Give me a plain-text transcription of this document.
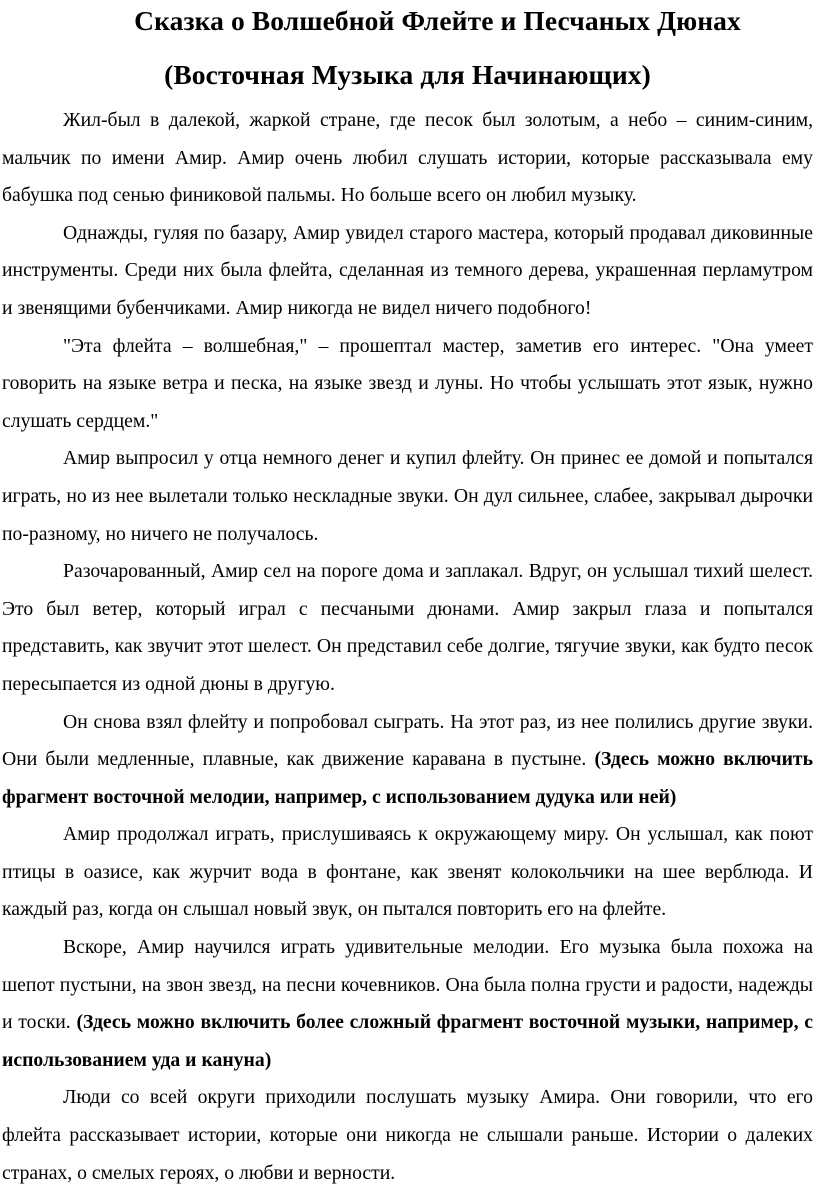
Сказка о Волшебной Флейте и Песчаных Дюнах
(Восточная Музыка для Начинающих)

Жил-был в далекой, жаркой стране, где песок был золотым, а небо – синим-синим, мальчик по имени Амир. Амир очень любил слушать истории, которые рассказывала ему бабушка под сенью финиковой пальмы. Но больше всего он любил музыку.

Однажды, гуляя по базару, Амир увидел старого мастера, который продавал диковинные инструменты. Среди них была флейта, сделанная из темного дерева, украшенная перламутром и звенящими бубенчиками. Амир никогда не видел ничего подобного!

"Эта флейта – волшебная," – прошептал мастер, заметив его интерес. "Она умеет говорить на языке ветра и песка, на языке звезд и луны. Но чтобы услышать этот язык, нужно слушать сердцем."

Амир выпросил у отца немного денег и купил флейту. Он принес ее домой и попытался играть, но из нее вылетали только нескладные звуки. Он дул сильнее, слабее, закрывал дырочки по-разному, но ничего не получалось.

Разочарованный, Амир сел на пороге дома и заплакал. Вдруг, он услышал тихий шелест. Это был ветер, который играл с песчаными дюнами. Амир закрыл глаза и попытался представить, как звучит этот шелест. Он представил себе долгие, тягучие звуки, как будто песок пересыпается из одной дюны в другую.

Он снова взял флейту и попробовал сыграть. На этот раз, из нее полились другие звуки. Они были медленные, плавные, как движение каравана в пустыне. (Здесь можно включить фрагмент восточной мелодии, например, с использованием дудука или ней)

Амир продолжал играть, прислушиваясь к окружающему миру. Он услышал, как поют птицы в оазисе, как журчит вода в фонтане, как звенят колокольчики на шее верблюда. И каждый раз, когда он слышал новый звук, он пытался повторить его на флейте.

Вскоре, Амир научился играть удивительные мелодии. Его музыка была похожа на шепот пустыни, на звон звезд, на песни кочевников. Она была полна грусти и радости, надежды и тоски. (Здесь можно включить более сложный фрагмент восточной музыки, например, с использованием уда и кануна)

Люди со всей округи приходили послушать музыку Амира. Они говорили, что его флейта рассказывает истории, которые они никогда не слышали раньше. Истории о далеких странах, о смелых героях, о любви и верности.
